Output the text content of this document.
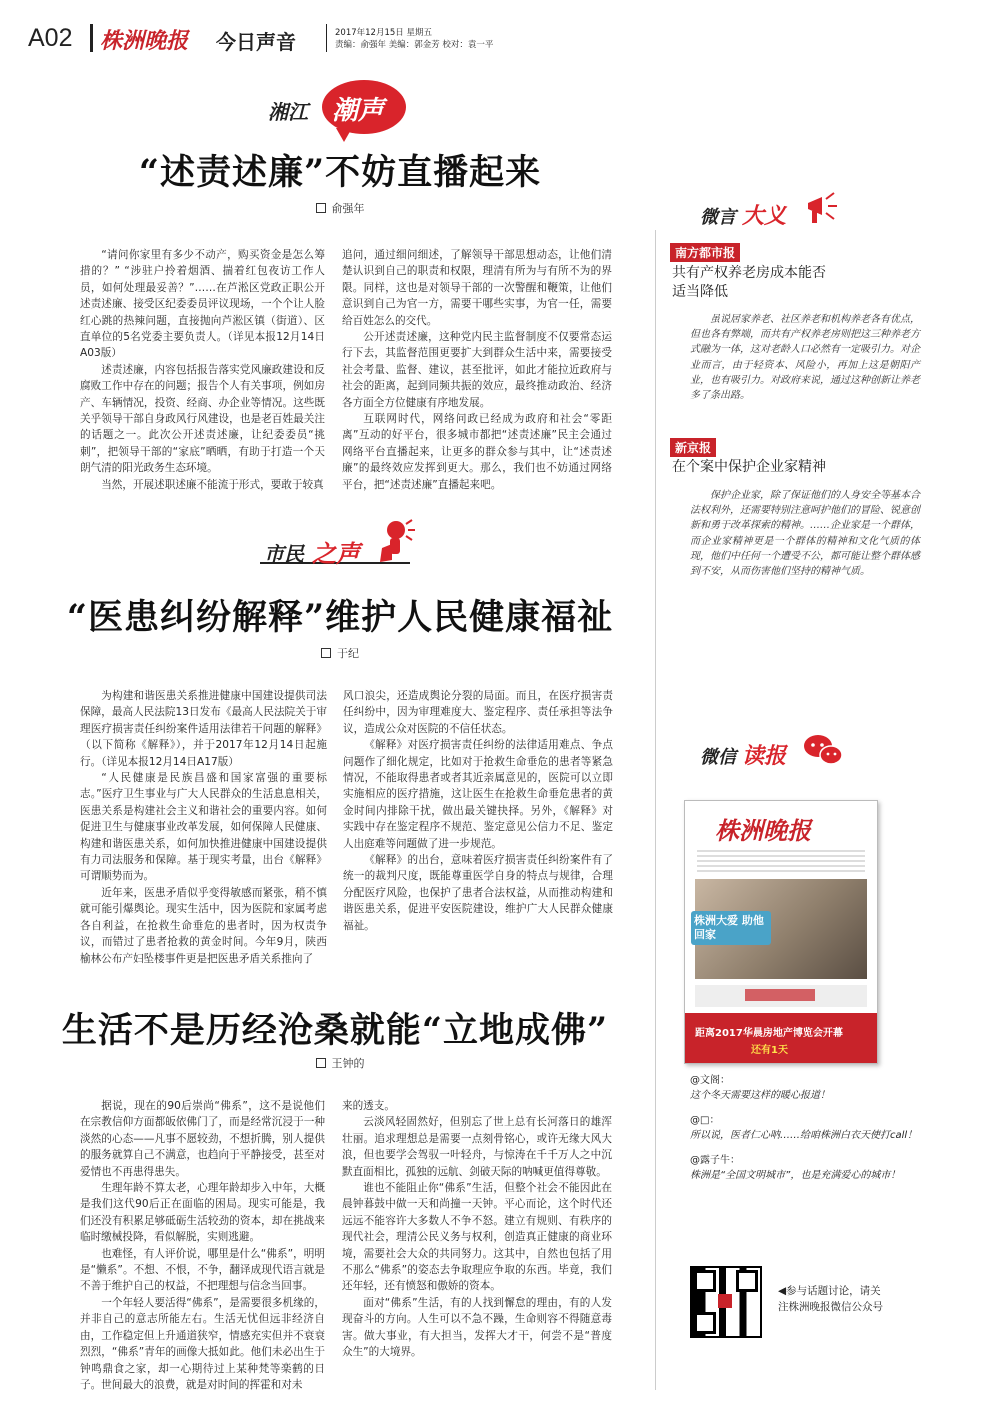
A02 株洲晚报 今日声音	2017年12月15日 星期五
责编：俞强年 美编：郭金芳 校对：袁一平
湘江 潮声
“述责述廉”不妨直播起来
俞强年

“请问你家里有多少不动产，购买资金是怎么筹措的？” “涉驻户拎着烟酒、揣着红包夜访工作人员，如何处理最妥善？”……在芦淞区党政正职公开述责述廉、接受区纪委委员评议现场，一个个让人脸红心跳的热辣问题，直接抛向芦淞区镇（街道）、区直单位的5名党委主要负责人。（详见本报12月14日A03版）

述责述廉，内容包括报告落实党风廉政建设和反腐败工作中存在的问题；报告个人有关事项，例如房产、车辆情况，投资、经商、办企业等情况。这些既关乎领导干部自身政风行风建设，也是老百姓最关注的话题之一。此次公开述责述廉，让纪委委员“挑刺”，把领导干部的“家底”晒晒，有助于打造一个天朗气清的阳光政务生态环境。

当然，开展述职述廉不能流于形式，要敢于较真

追问，通过细问细述，了解领导干部思想动态，让他们清楚认识到自己的职责和权限，理清有所为与有所不为的界限。同样，这也是对领导干部的一次警醒和鞭策，让他们意识到自己为官一方，需要干哪些实事，为官一任，需要给百姓怎么的交代。

公开述责述廉，这种党内民主监督制度不仅要常态运行下去，其监督范围更要扩大到群众生活中来，需要接受社会考量、监督、建议，甚至批评，如此才能拉近政府与社会的距离，起到同频共振的效应，最终推动政治、经济各方面全方位健康有序地发展。

互联网时代，网络问政已经成为政府和社会“零距离”互动的好平台，很多城市都把“述责述廉”民主会通过网络平台直播起来，让更多的群众参与其中，让“述责述廉”的最终效应发挥到更大。那么，我们也不妨通过网络平台，把“述责述廉”直播起来吧。

市民 之声
“医患纠纷解释”维护人民健康福祉
于纪

为构建和谐医患关系推进健康中国建设提供司法保障，最高人民法院13日发布《最高人民法院关于审理医疗损害责任纠纷案件适用法律若干问题的解释》（以下简称《解释》），并于2017年12月14日起施行。（详见本报12月14日A17版）

“人民健康是民族昌盛和国家富强的重要标志。”医疗卫生事业与广大人民群众的生活息息相关，医患关系是构建社会主义和谐社会的重要内容。如何促进卫生与健康事业改革发展，如何保障人民健康、构建和谐医患关系，如何加快推进健康中国建设提供有力司法服务和保障。基于现实考量，出台《解释》可谓顺势而为。

近年来，医患矛盾似乎变得敏感而紧张，稍不慎就可能引爆舆论。现实生活中，因为医院和家属考虑各自利益，在抢救生命垂危的患者时，因为权责争议，而错过了患者抢救的黄金时间。今年9月，陕西榆林公布产妇坠楼事件更是把医患矛盾关系推向了

风口浪尖，还造成舆论分裂的局面。而且，在医疗损害责任纠纷中，因为审理难度大、鉴定程序、责任承担等法争议，造成公众对医院的不信任状态。

《解释》对医疗损害责任纠纷的法律适用难点、争点问题作了细化规定，比如对于抢救生命垂危的患者等紧急情况，不能取得患者或者其近亲属意见的，医院可以立即实施相应的医疗措施，这让医生在抢救生命垂危患者的黄金时间内排除干扰，做出最关键抉择。另外，《解释》对实践中存在鉴定程序不规范、鉴定意见公信力不足、鉴定人出庭难等问题做了进一步规范。

《解释》的出台，意味着医疗损害责任纠纷案件有了统一的裁判尺度，既能尊重医学自身的特点与规律，合理分配医疗风险，也保护了患者合法权益，从而推动构建和谐医患关系，促进平安医院建设，维护广大人民群众健康福祉。

生活不是历经沧桑就能“立地成佛”
王钟的

据说，现在的90后崇尚“佛系”，这不是说他们在宗教信仰方面都皈依佛门了，而是经常沉浸于一种淡然的心态——凡事不愿较劲，不想折腾，别人提供的服务就算自己不满意，也趋向于平静接受，甚至对爱情也不再患得患失。

生理年龄不算太老，心理年龄却步入中年，大概是我们这代90后正在面临的困局。现实可能是，我们还没有积累足够砥砺生活较劲的资本，却在挑战来临时缴械投降，看似解脱，实则逃避。

也难怪，有人评价说，哪里是什么“佛系”，明明是“懒系”。不想、不恨，不争，翻译成现代语言就是不善于维护自己的权益，不把理想与信念当回事。

一个年轻人要活得“佛系”，是需要很多机缘的，并非自己的意志所能左右。生活无忧但远非经济自由，工作稳定但上升通道狭窄，情感充实但并不衰衰烈烈，“佛系”青年的画像大抵如此。他们未必出生于钟鸣鼎食之家，却一心期待过上某种梵等楽鹤的日子。世间最大的浪费，就是对时间的挥霍和对未

来的透支。

云淡风轻固然好，但别忘了世上总有长河落日的雄浑壮丽。追求理想总是需要一点刻骨铭心，或许无缘大风大浪，但也要学会驾驭一叶轻舟，与惊涛在千千万人之中沉默直面相比，孤独的远航、剑破天际的呐喊更值得尊敬。

谁也不能阻止你“佛系”生活，但整个社会不能因此在晨钟暮鼓中做一天和尚撞一天钟。平心而论，这个时代还远远不能容许大多数人不争不怒。建立有规则、有秩序的现代社会，理清公民义务与权利，创造真正健康的商业环境，需要社会大众的共同努力。这其中，自然也包括了用不那么“佛系”的姿态去争取理应争取的东西。毕竟，我们还年轻，还有愤怒和傲娇的资本。

面对“佛系”生活，有的人找到懈怠的理由，有的人发现奋斗的方向。人生可以不急不躁，生命则容不得随意毒害。做大事业，有大担当，发挥大才干，何尝不是“普度众生”的大境界。

微言 大义
南方都市报
共有产权养老房成本能否适当降低

虽说居家养老、社区养老和机构养老各有优点，但也各有弊端，而共有产权养老房则把这三种养老方式融为一体，这对老龄人口必然有一定吸引力。对企业而言，由于轻资本、风险小，再加上这是朝阳产业，也有吸引力。对政府来说，通过这种创新让养老多了条出路。

新京报
在个案中保护企业家精神

保护企业家，除了保证他们的人身安全等基本合法权利外，还需要特别注意呵护他们的冒险、锐意创新和勇于改革探索的精神。……企业家是一个群体，而企业家精神更是一个群体的精神和文化气质的体现，他们中任何一个遭受不公，都可能让整个群体感到不安，从而伤害他们坚持的精神气质。

微信 读报
株洲晚报
株洲大爱 助他回家
距离2017华晨房地产博览会开幕
还有1天
@文阁：
这个冬天需要这样的暖心报道！
@□：
所以说，医者仁心呐……给咱株洲白衣天使打call！
@露子牛：
株洲是“全国文明城市”，也是充满爱心的城市！
◀参与话题讨论，请关注株洲晚报微信公众号
